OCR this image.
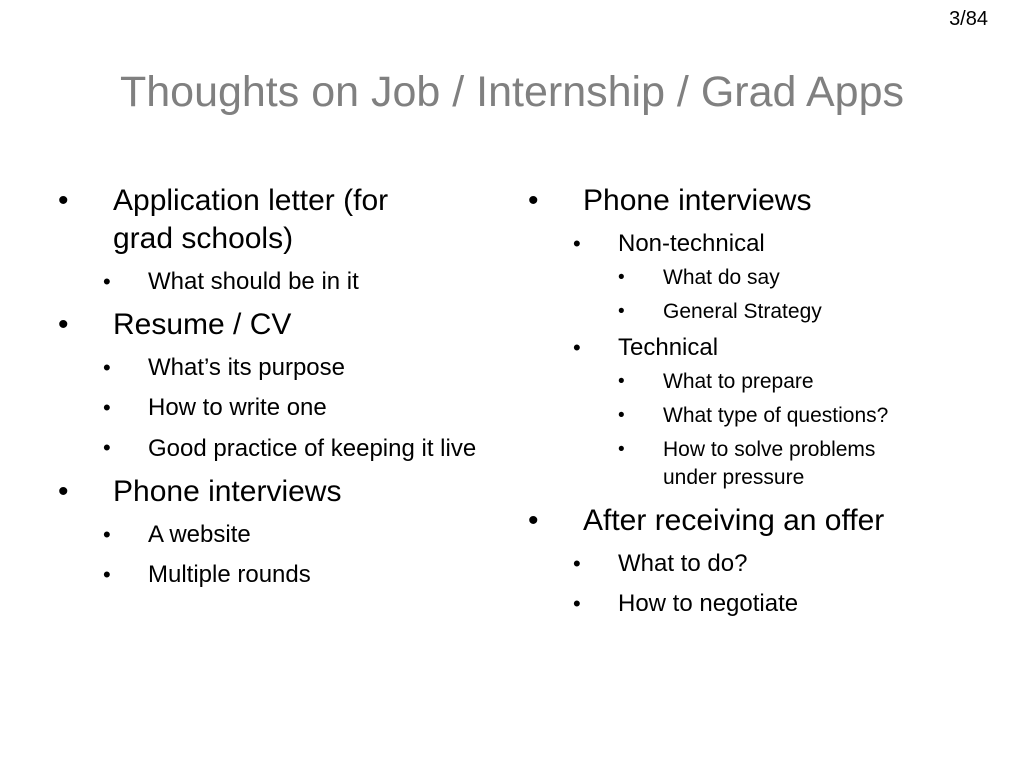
3/84
Thoughts on Job / Internship / Grad Apps
• Application letter (for grad schools)
• What should be in it
• Resume / CV
• What’s its purpose
• How to write one
• Good practice of keeping it live
• Phone interviews
• A website
• Multiple rounds
• Phone interviews
• Non-technical
• What do say
• General Strategy
• Technical
• What to prepare
• What type of questions?
• How to solve problems under pressure
• After receiving an offer
• What to do?
• How to negotiate
